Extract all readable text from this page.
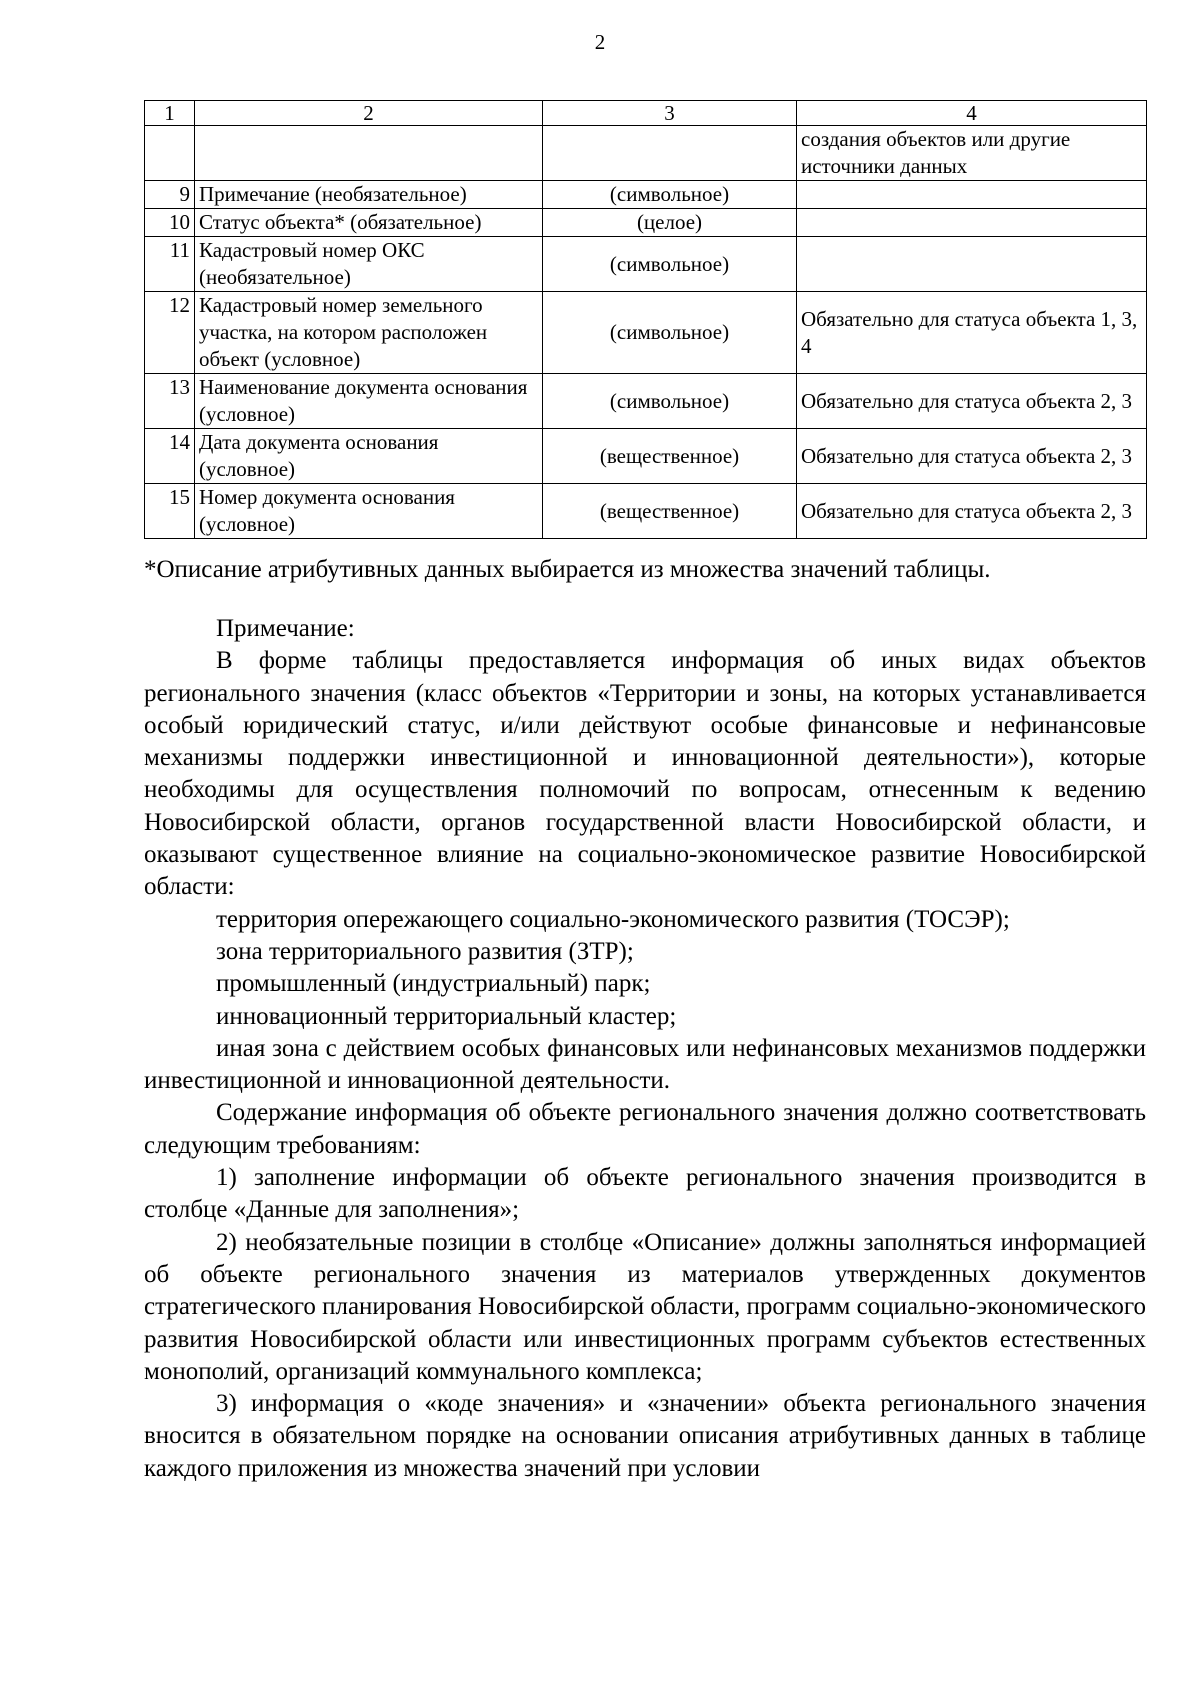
2
1	2	3	4
			создания объектов или другие источники данных
9	Примечание (необязательное)	(символьное)	
10	Статус объекта* (обязательное)	(целое)	
11	Кадастровый номер ОКС (необязательное)	(символьное)	
12	Кадастровый номер земельного участка, на котором расположен объект (условное)	(символьное)	Обязательно для статуса объекта 1, 3, 4
13	Наименование документа основания (условное)	(символьное)	Обязательно для статуса объекта 2, 3
14	Дата документа основания (условное)	(вещественное)	Обязательно для статуса объекта 2, 3
15	Номер документа основания (условное)	(вещественное)	Обязательно для статуса объекта 2, 3
*Описание атрибутивных данных выбирается из множества значений таблицы.

Примечание:

В форме таблицы предоставляется информация об иных видах объектов регионального значения (класс объектов «Территории и зоны, на которых устанавливается особый юридический статус, и/или действуют особые финансовые и нефинансовые механизмы поддержки инвестиционной и инновационной деятельности»), которые необходимы для осуществления полномочий по вопросам, отнесенным к ведению Новосибирской области, органов государственной власти Новосибирской области, и оказывают существенное влияние на социально-экономическое развитие Новосибирской области:

территория опережающего социально-экономического развития (ТОСЭР);

зона территориального развития (ЗТР);

промышленный (индустриальный) парк;

инновационный территориальный кластер;

иная зона с действием особых финансовых или нефинансовых механизмов поддержки инвестиционной и инновационной деятельности.

Содержание информация об объекте регионального значения должно соответствовать следующим требованиям:

1) заполнение информации об объекте регионального значения производится в столбце «Данные для заполнения»;

2) необязательные позиции в столбце «Описание» должны заполняться информацией об объекте регионального значения из материалов утвержденных документов стратегического планирования Новосибирской области, программ социально-экономического развития Новосибирской области или инвестиционных программ субъектов естественных монополий, организаций коммунального комплекса;

3) информация о «коде значения» и «значении» объекта регионального значения вносится в обязательном порядке на основании описания атрибутивных данных в таблице каждого приложения из множества значений при условии
